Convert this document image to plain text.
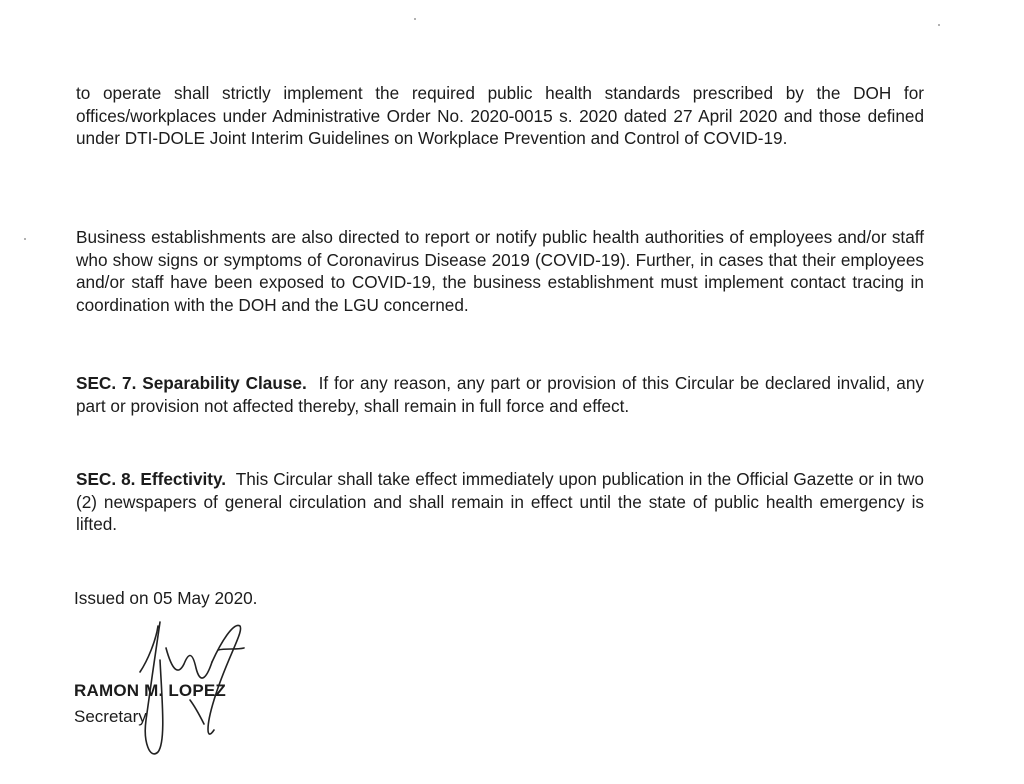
to operate shall strictly implement the required public health standards prescribed by the DOH for offices/workplaces under Administrative Order No. 2020-0015 s. 2020 dated 27 April 2020 and those defined under DTI-DOLE Joint Interim Guidelines on Workplace Prevention and Control of COVID-19.

Business establishments are also directed to report or notify public health authorities of employees and/or staff who show signs or symptoms of Coronavirus Disease 2019 (COVID-19). Further, in cases that their employees and/or staff have been exposed to COVID-19, the business establishment must implement contact tracing in coordination with the DOH and the LGU concerned.

SEC. 7. Separability Clause. If for any reason, any part or provision of this Circular be declared invalid, any part or provision not affected thereby, shall remain in full force and effect.

SEC. 8. Effectivity. This Circular shall take effect immediately upon publication in the Official Gazette or in two (2) newspapers of general circulation and shall remain in effect until the state of public health emergency is lifted.

Issued on 05 May 2020.

RAMON M. LOPEZ

Secretary
